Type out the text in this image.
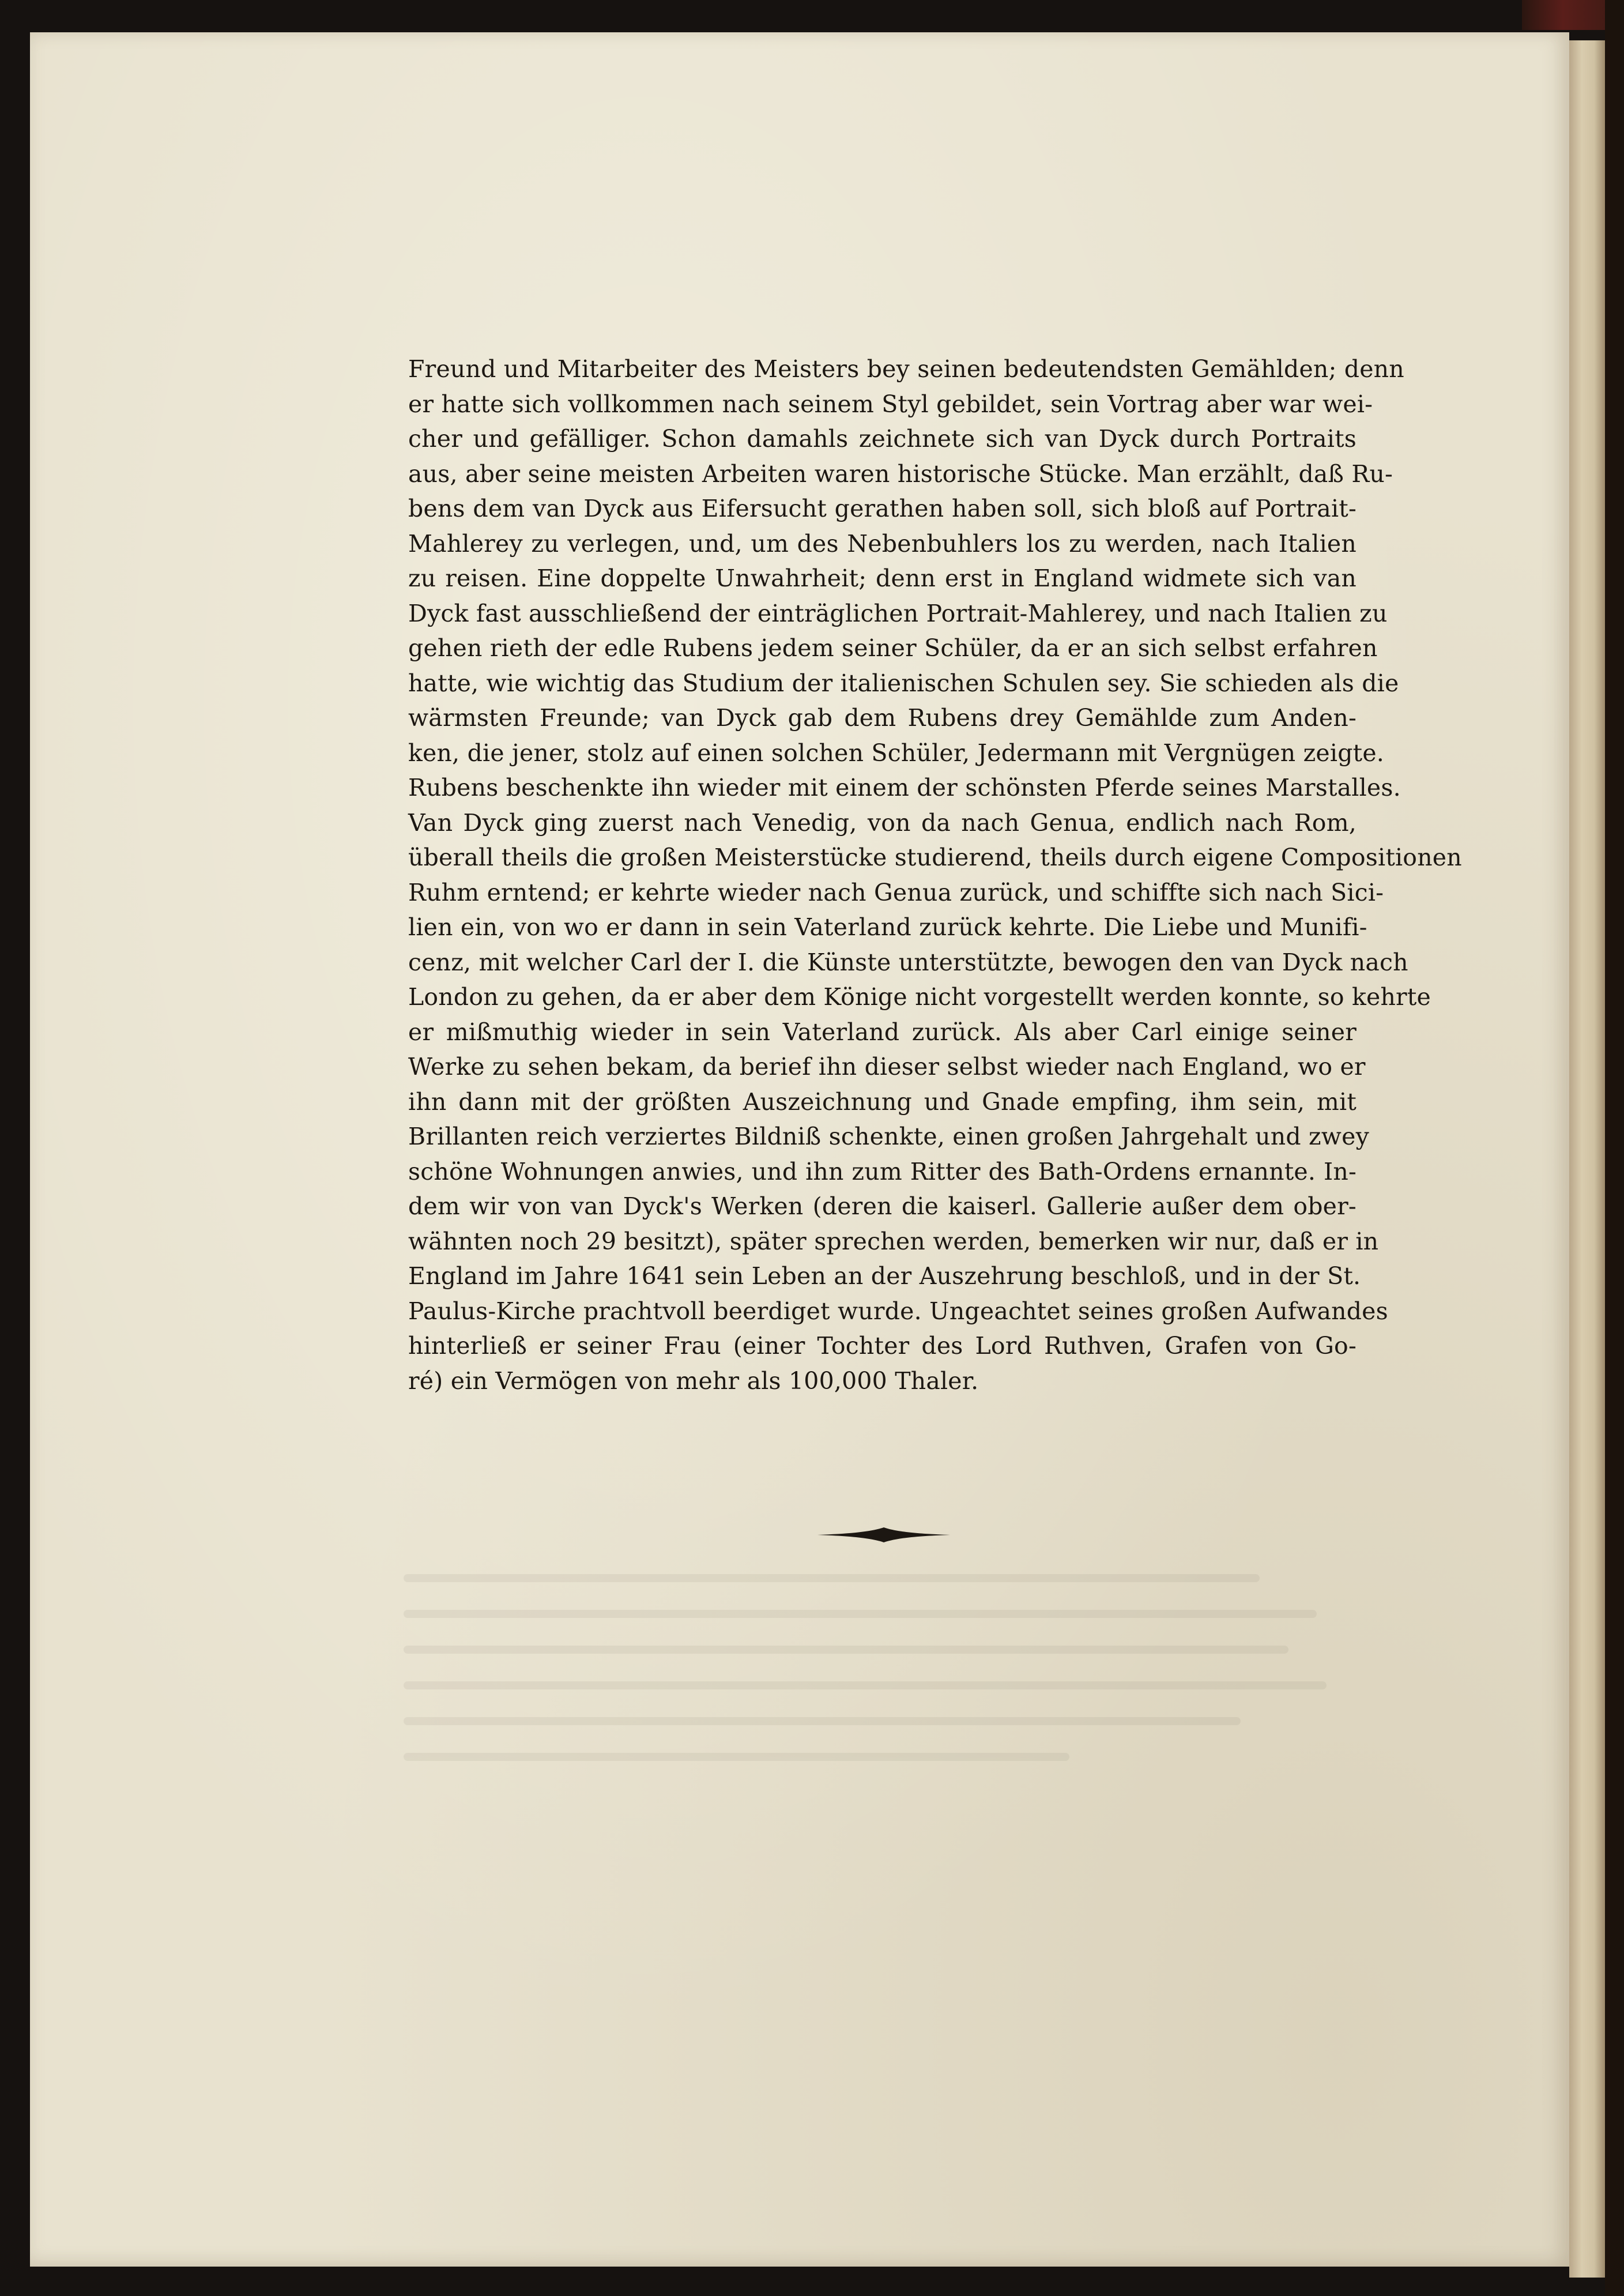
Freund und Mitarbeiter des Meisters bey seinen bedeutendsten Gemählden; denn
er hatte sich vollkommen nach seinem Styl gebildet, sein Vortrag aber war wei-
cher und gefälliger. Schon damahls zeichnete sich van Dyck durch Portraits
aus, aber seine meisten Arbeiten waren historische Stücke. Man erzählt, daß Ru-
bens dem van Dyck aus Eifersucht gerathen haben soll, sich bloß auf Portrait-
Mahlerey zu verlegen, und, um des Nebenbuhlers los zu werden, nach Italien
zu reisen. Eine doppelte Unwahrheit; denn erst in England widmete sich van
Dyck fast ausschließend der einträglichen Portrait-Mahlerey, und nach Italien zu
gehen rieth der edle Rubens jedem seiner Schüler, da er an sich selbst erfahren
hatte, wie wichtig das Studium der italienischen Schulen sey. Sie schieden als die
wärmsten Freunde; van Dyck gab dem Rubens drey Gemählde zum Anden-
ken, die jener, stolz auf einen solchen Schüler, Jedermann mit Vergnügen zeigte.
Rubens beschenkte ihn wieder mit einem der schönsten Pferde seines Marstalles.
Van Dyck ging zuerst nach Venedig, von da nach Genua, endlich nach Rom,
überall theils die großen Meisterstücke studierend, theils durch eigene Compositionen
Ruhm erntend; er kehrte wieder nach Genua zurück, und schiffte sich nach Sici-
lien ein, von wo er dann in sein Vaterland zurück kehrte. Die Liebe und Munifi-
cenz, mit welcher Carl der I. die Künste unterstützte, bewogen den van Dyck nach
London zu gehen, da er aber dem Könige nicht vorgestellt werden konnte, so kehrte
er mißmuthig wieder in sein Vaterland zurück. Als aber Carl einige seiner
Werke zu sehen bekam, da berief ihn dieser selbst wieder nach England, wo er
ihn dann mit der größten Auszeichnung und Gnade empfing, ihm sein, mit
Brillanten reich verziertes Bildniß schenkte, einen großen Jahrgehalt und zwey
schöne Wohnungen anwies, und ihn zum Ritter des Bath-Ordens ernannte. In-
dem wir von van Dyck's Werken (deren die kaiserl. Gallerie außer dem ober-
wähnten noch 29 besitzt), später sprechen werden, bemerken wir nur, daß er in
England im Jahre 1641 sein Leben an der Auszehrung beschloß, und in der St.
Paulus-Kirche prachtvoll beerdiget wurde. Ungeachtet seines großen Aufwandes
hinterließ er seiner Frau (einer Tochter des Lord Ruthven, Grafen von Go-
ré) ein Vermögen von mehr als 100,000 Thaler.
